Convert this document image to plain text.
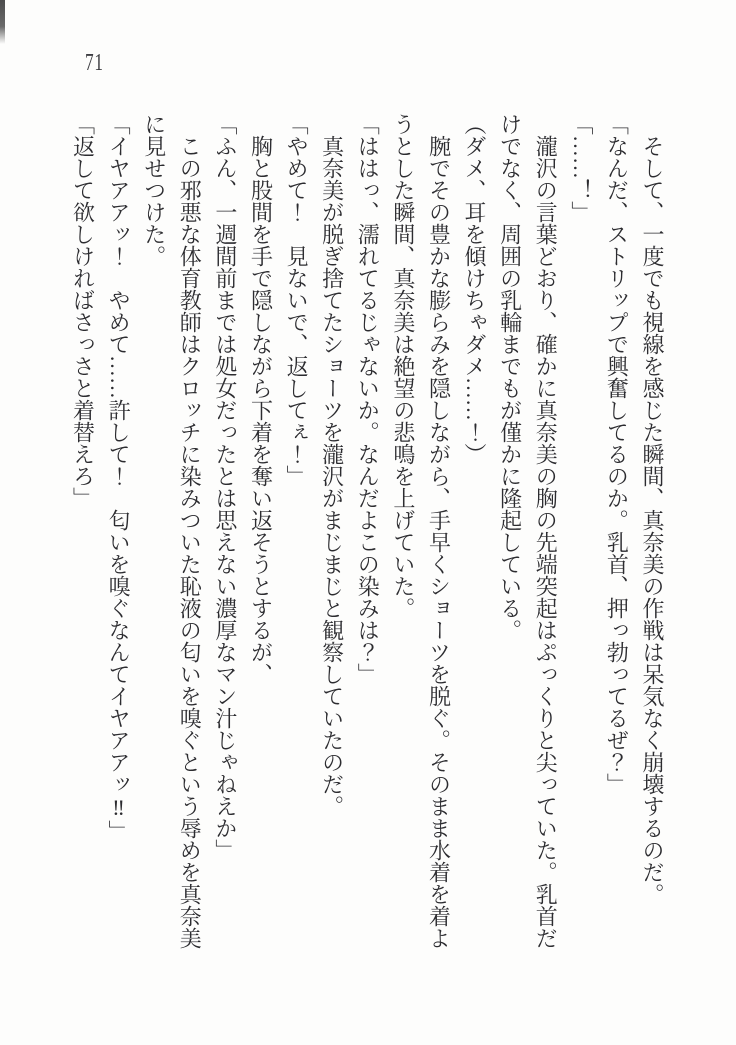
71

そして、一度でも視線を感じた瞬間、真奈美の作戦は呆気なく崩壊するのだ。

「なんだ、ストリップで興奮してるのか。乳首、押っ勃ってるぜ？」

「……！」

瀧沢の言葉どおり、確かに真奈美の胸の先端突起はぷっくりと尖っていた。乳首だけでなく、周囲の乳輪までもが僅かに隆起している。

（ダメ、耳を傾けちゃダメ……！）

腕でその豊かな膨らみを隠しながら、手早くショーツを脱ぐ。そのまま水着を着ようとした瞬間、真奈美は絶望の悲鳴を上げていた。

「ははっ、濡れてるじゃないか。なんだよこの染みは？」

真奈美が脱ぎ捨てたショーツを瀧沢がまじまじと観察していたのだ。

「やめて！　見ないで、返してぇ！」

胸と股間を手で隠しながら下着を奪い返そうとするが、

「ふん、一週間前までは処女だったとは思えない濃厚なマン汁じゃねえか」

この邪悪な体育教師はクロッチに染みついた恥液の匂いを嗅ぐという辱めを真奈美に見せつけた。

「イヤアアッ！　やめて……許して！　匂いを嗅ぐなんてイヤアアッ‼」

「返して欲しければさっさと着替えろ」
